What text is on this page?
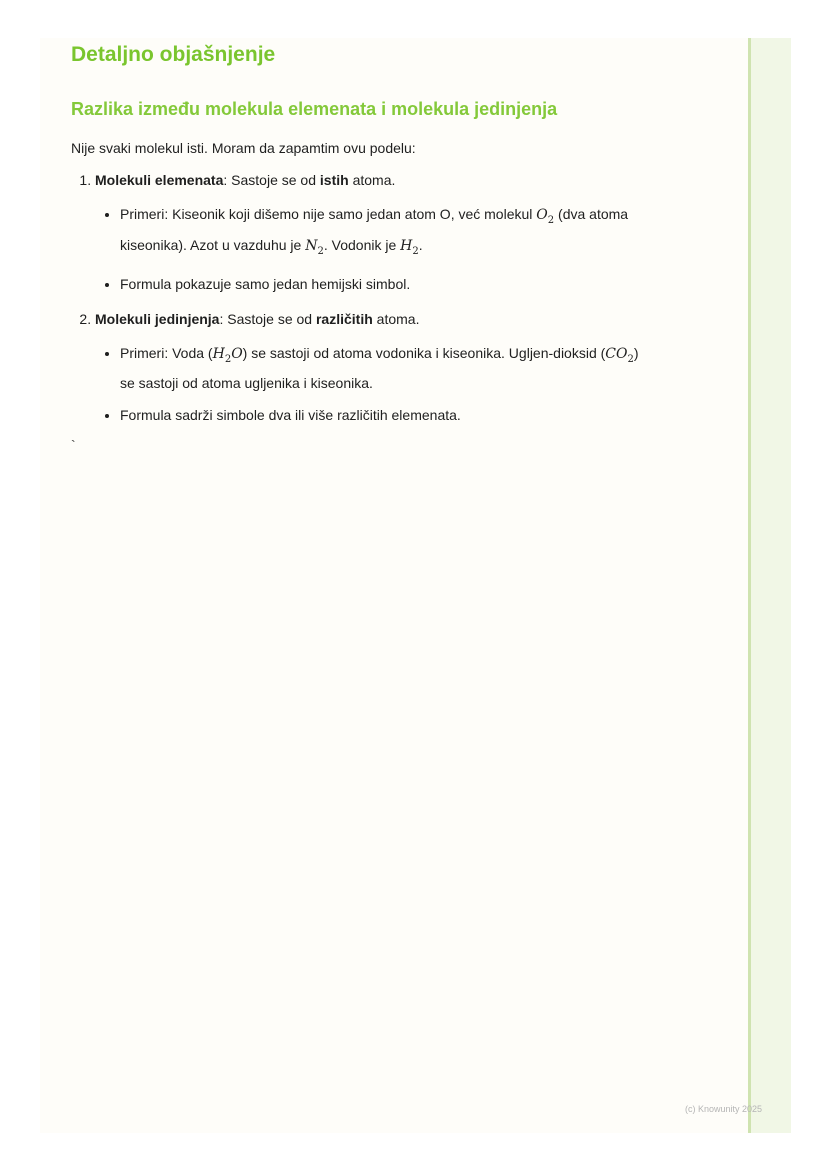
Detaljno objašnjenje
Razlika između molekula elemenata i molekula jedinjenja

Nije svaki molekul isti. Moram da zapamtim ovu podelu:

1. Molekuli elemenata: Sastoje se od istih atoma.
• Primeri: Kiseonik koji dišemo nije samo jedan atom O, već molekul $O_2$ (dva atoma kiseonika). Azot u vazduhu je $N_2$. Vodonik je $H_2$.
• Formula pokazuje samo jedan hemijski simbol.
2. Molekuli jedinjenja: Sastoje se od različitih atoma.
• Primeri: Voda $(H_2O)$ se sastoji od atoma vodonika i kiseonika. Ugljen-dioksid $(CO_2)$ se sastoji od atoma ugljenika i kiseonika.
• Formula sadrži simbole dva ili više različitih elemenata.
`
(c) Knowunity 2025
